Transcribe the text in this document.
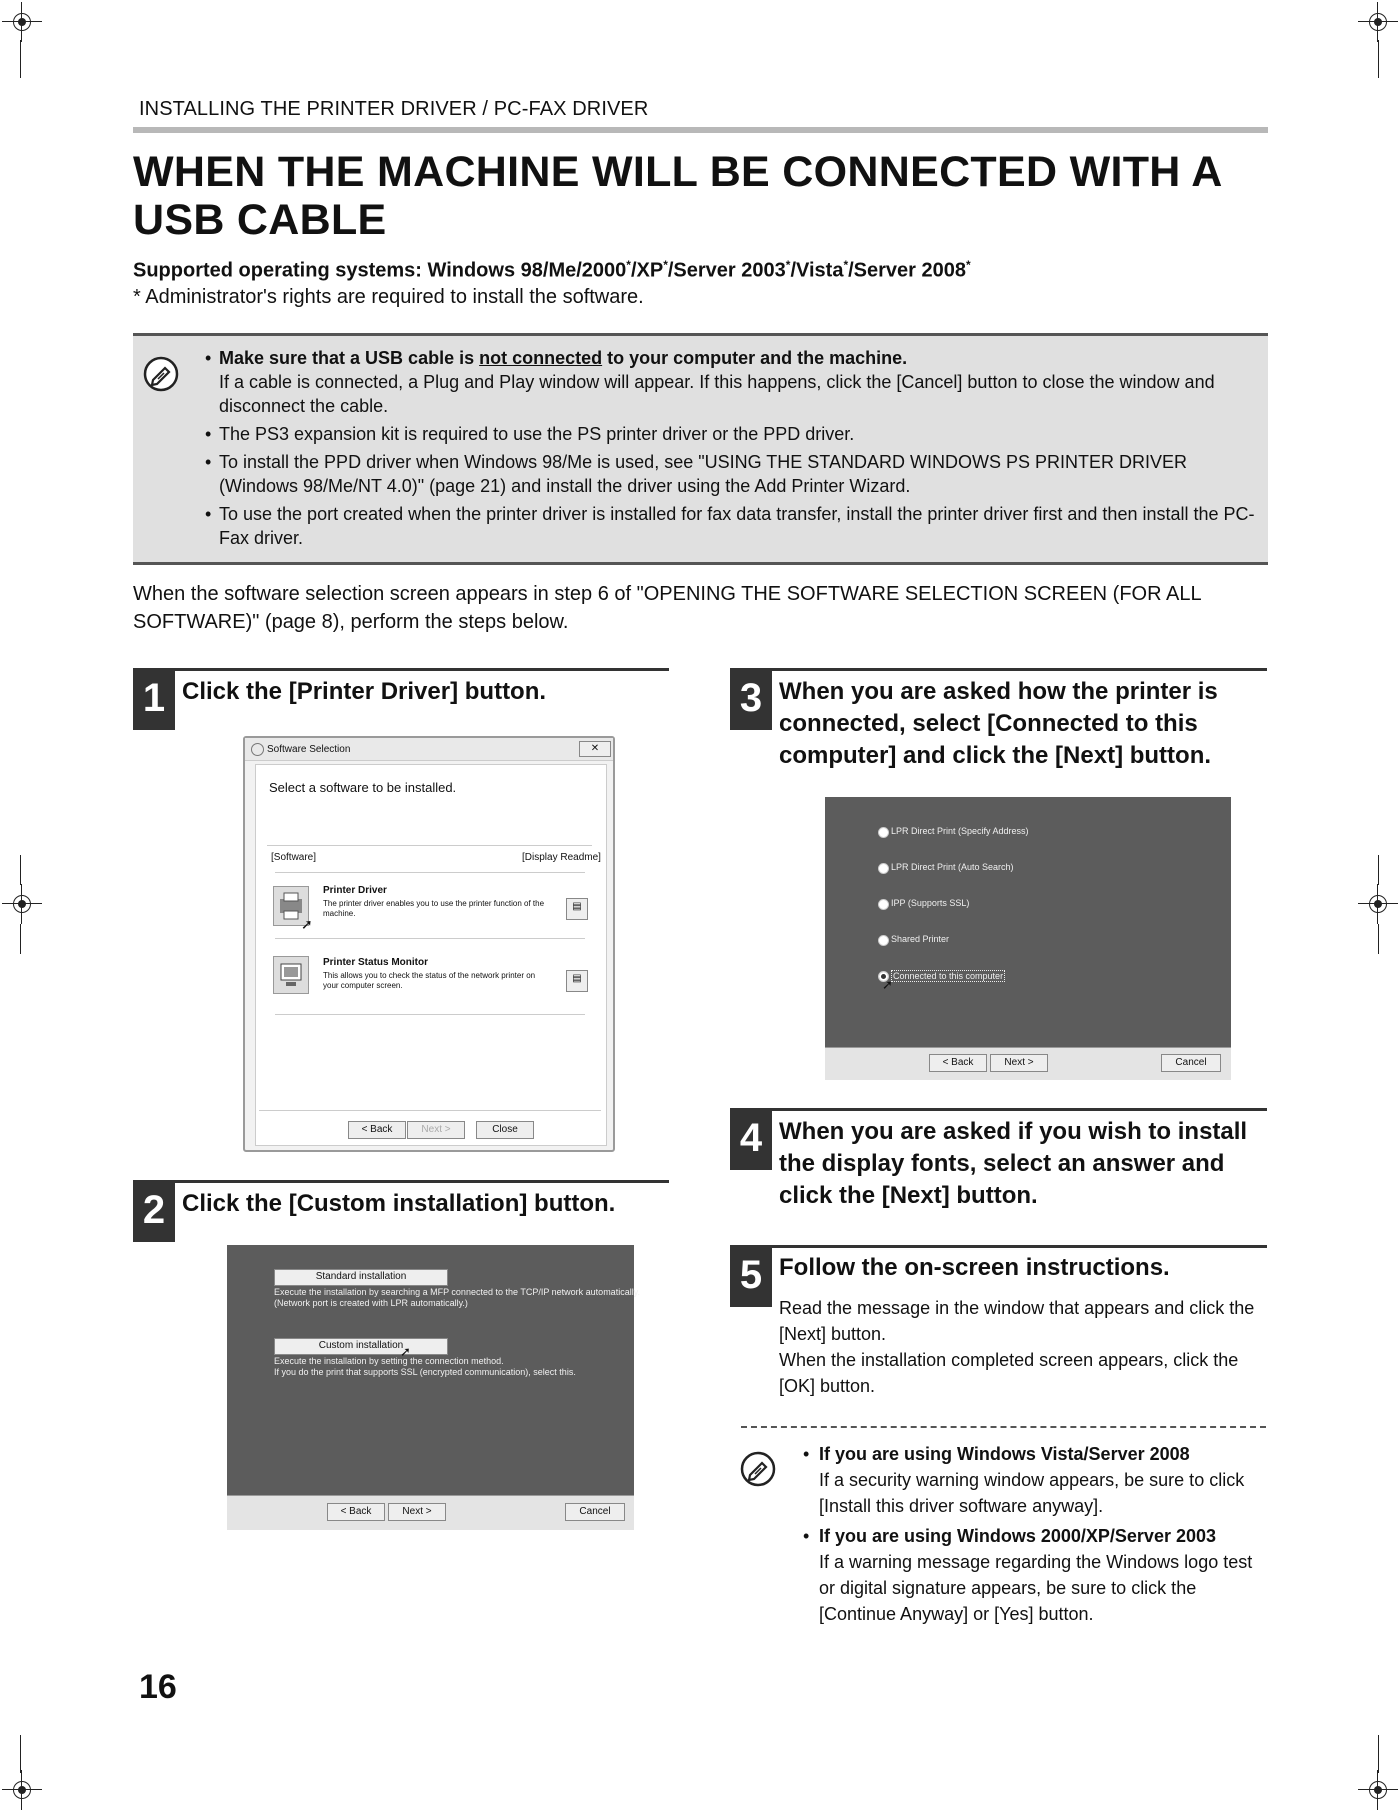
INSTALLING THE PRINTER DRIVER / PC-FAX DRIVER
WHEN THE MACHINE WILL BE CONNECTED WITH A USB CABLE
Supported operating systems: Windows 98/Me/2000*/XP*/Server 2003*/Vista*/Server 2008*
* Administrator's rights are required to install the software.
• Make sure that a USB cable is not connected to your computer and the machine.
If a cable is connected, a Plug and Play window will appear. If this happens, click the [Cancel] button to close the window and disconnect the cable.
• The PS3 expansion kit is required to use the PS printer driver or the PPD driver.
• To install the PPD driver when Windows 98/Me is used, see "USING THE STANDARD WINDOWS PS PRINTER DRIVER (Windows 98/Me/NT 4.0)" (page 21) and install the driver using the Add Printer Wizard.
• To use the port created when the printer driver is installed for fax data transfer, install the printer driver first and then install the PC-Fax driver.
When the software selection screen appears in step 6 of "OPENING THE SOFTWARE SELECTION SCREEN (FOR ALL SOFTWARE)" (page 8), perform the steps below.
1 Click the [Printer Driver] button.
Software Selection	✕
Select a software to be installed.
[Software]	[Display Readme]
➚
Printer Driver
The printer driver enables you to use the printer function of the
machine.
▤
Printer Status Monitor
This allows you to check the status of the network printer on
your computer screen.
▤
< Back	Next >	Close
2 Click the [Custom installation] button.
Standard installation
Execute the installation by searching a MFP connected to the TCP/IP network automatically.
(Network port is created with LPR automatically.)
Custom installation
➚
Execute the installation by setting the connection method.
If you do the print that supports SSL (encrypted communication), select this.
< Back	Next >	Cancel
3 When you are asked how the printer is connected, select [Connected to this computer] and click the [Next] button.
LPR Direct Print (Specify Address)
LPR Direct Print (Auto Search)
IPP (Supports SSL)
Shared Printer
Connected to this computer
➚
< Back	Next >	Cancel
4 When you are asked if you wish to install the display fonts, select an answer and click the [Next] button.
5 Follow the on-screen instructions.
Read the message in the window that appears and click the [Next] button.
When the installation completed screen appears, click the [OK] button.
• If you are using Windows Vista/Server 2008
If a security warning window appears, be sure to click [Install this driver software anyway].
• If you are using Windows 2000/XP/Server 2003
If a warning message regarding the Windows logo test or digital signature appears, be sure to click the [Continue Anyway] or [Yes] button.
16
